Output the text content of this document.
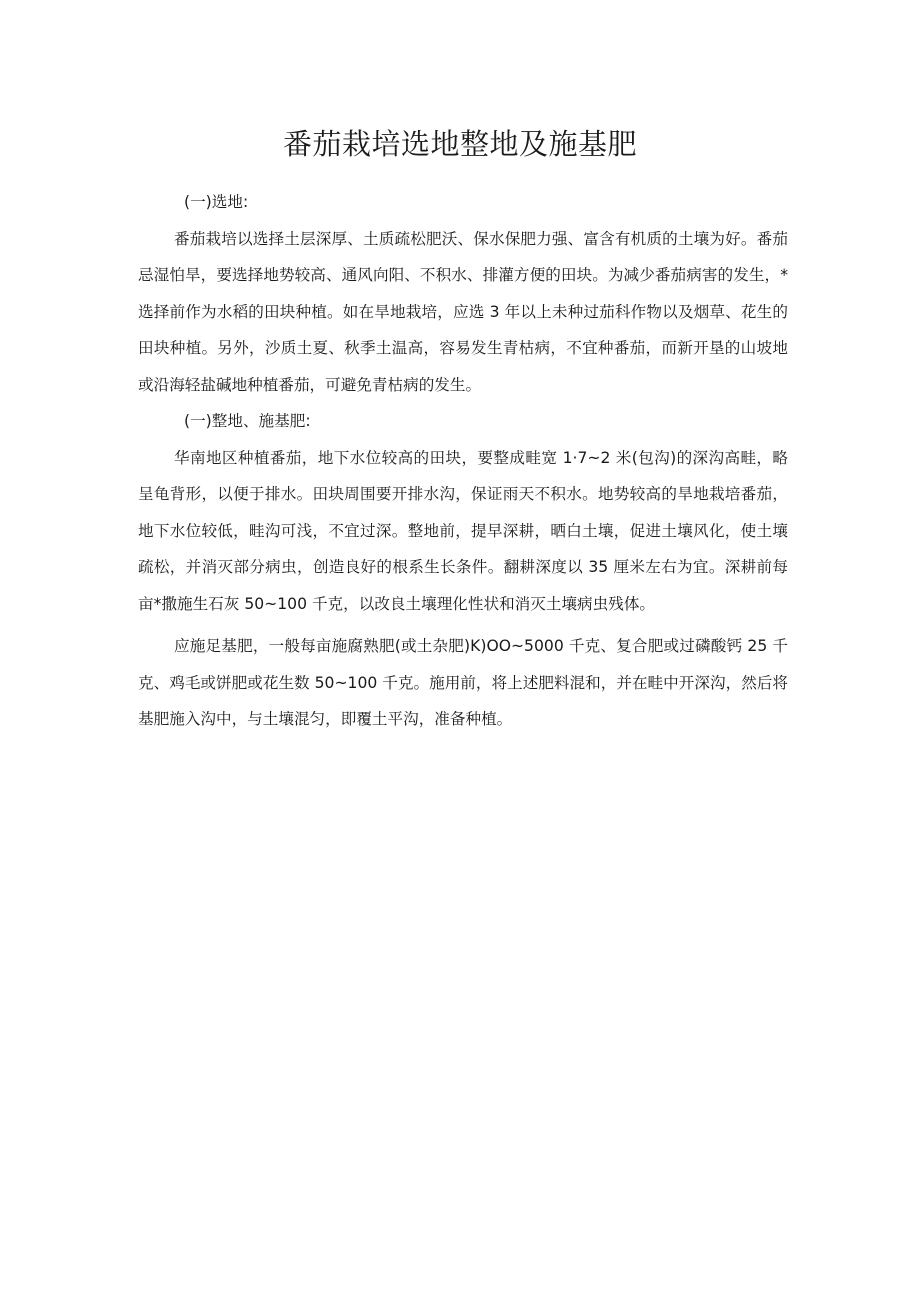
番茄栽培选地整地及施基肥

(一)选地:

番茄栽培以选择土层深厚、土质疏松肥沃、保水保肥力强、富含有机质的土壤为好。番茄忌湿怕旱，要选择地势较高、通风向阳、不积水、排灌方便的田块。为减少番茄病害的发生，*选择前作为水稻的田块种植。如在旱地栽培，应选 3 年以上未种过茄科作物以及烟草、花生的田块种植。另外，沙质土夏、秋季土温高，容易发生青枯病，不宜种番茄，而新开垦的山坡地或沿海轻盐碱地种植番茄，可避免青枯病的发生。

(一)整地、施基肥:

华南地区种植番茄，地下水位较高的田块，要整成畦宽 1·7~2 米(包沟)的深沟高畦，略呈龟背形，以便于排水。田块周围要开排水沟，保证雨天不积水。地势较高的旱地栽培番茄，地下水位较低，畦沟可浅，不宜过深。整地前，提早深耕，晒白土壤，促进土壤风化，使土壤疏松，并消灭部分病虫，创造良好的根系生长条件。翻耕深度以 35 厘米左右为宜。深耕前每亩*撒施生石灰 50~100 千克，以改良土壤理化性状和消灭土壤病虫残体。

应施足基肥，一般每亩施腐熟肥(或土杂肥)K)OO~5000 千克、复合肥或过磷酸钙 25 千克、鸡毛或饼肥或花生数 50~100 千克。施用前，将上述肥料混和，并在畦中开深沟，然后将基肥施入沟中，与土壤混匀，即覆土平沟，准备种植。
